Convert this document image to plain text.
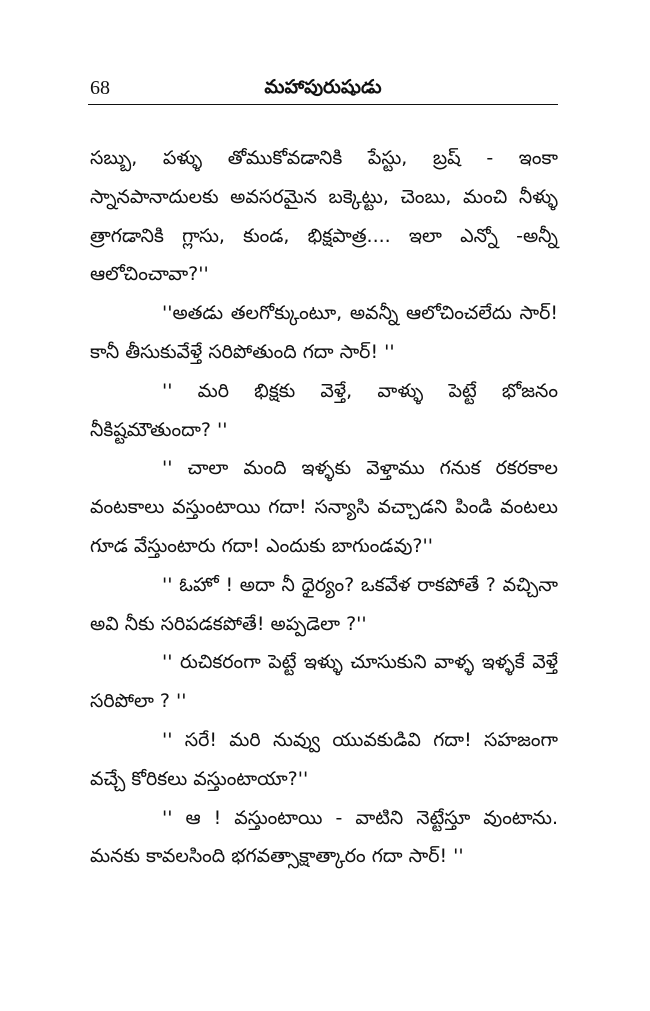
68	మహాపురుషుడు

సబ్బు, పళ్ళు తోముకోవడానికి పేస్టు, బ్రష్ - ఇంకా స్నానపానాదులకు అవసరమైన బక్కెట్టు, చెంబు, మంచి నీళ్ళు త్రాగడానికి గ్లాసు, కుండ, భిక్షపాత్ర.... ఇలా ఎన్నో -అన్నీ ఆలోచించావా?''

''అతడు తలగోక్కుంటూ, అవన్నీ ఆలోచించలేదు సార్! కానీ తీసుకువేళ్తే సరిపోతుంది గదా సార్! ''

'' మరి భిక్షకు వెళ్తే, వాళ్ళు పెట్టే భోజనం నీకిష్టమౌతుందా? ''

'' చాలా మంది ఇళ్ళకు వెళ్తాము గనుక రకరకాల వంటకాలు వస్తుంటాయి గదా! సన్యాసి వచ్చాడని పిండి వంటలు గూడ వేస్తుంటారు గదా! ఎందుకు బాగుండవు?''

'' ఓహో ! అదా నీ ధైర్యం? ఒకవేళ రాకపోతే ? వచ్చినా అవి నీకు సరిపడకపోతే! అప్పడెలా ?''

'' రుచికరంగా పెట్టే ఇళ్ళు చూసుకుని వాళ్ళ ఇళ్ళకే వెళ్తే సరిపోలా ? ''

'' సరే! మరి నువ్వు యువకుడివి గదా! సహజంగా వచ్చే కోరికలు వస్తుంటాయా?''

'' ఆ ! వస్తుంటాయి - వాటిని నెట్టేస్తూ వుంటాను. మనకు కావలసింది భగవత్సాక్షాత్కారం గదా సార్! ''
